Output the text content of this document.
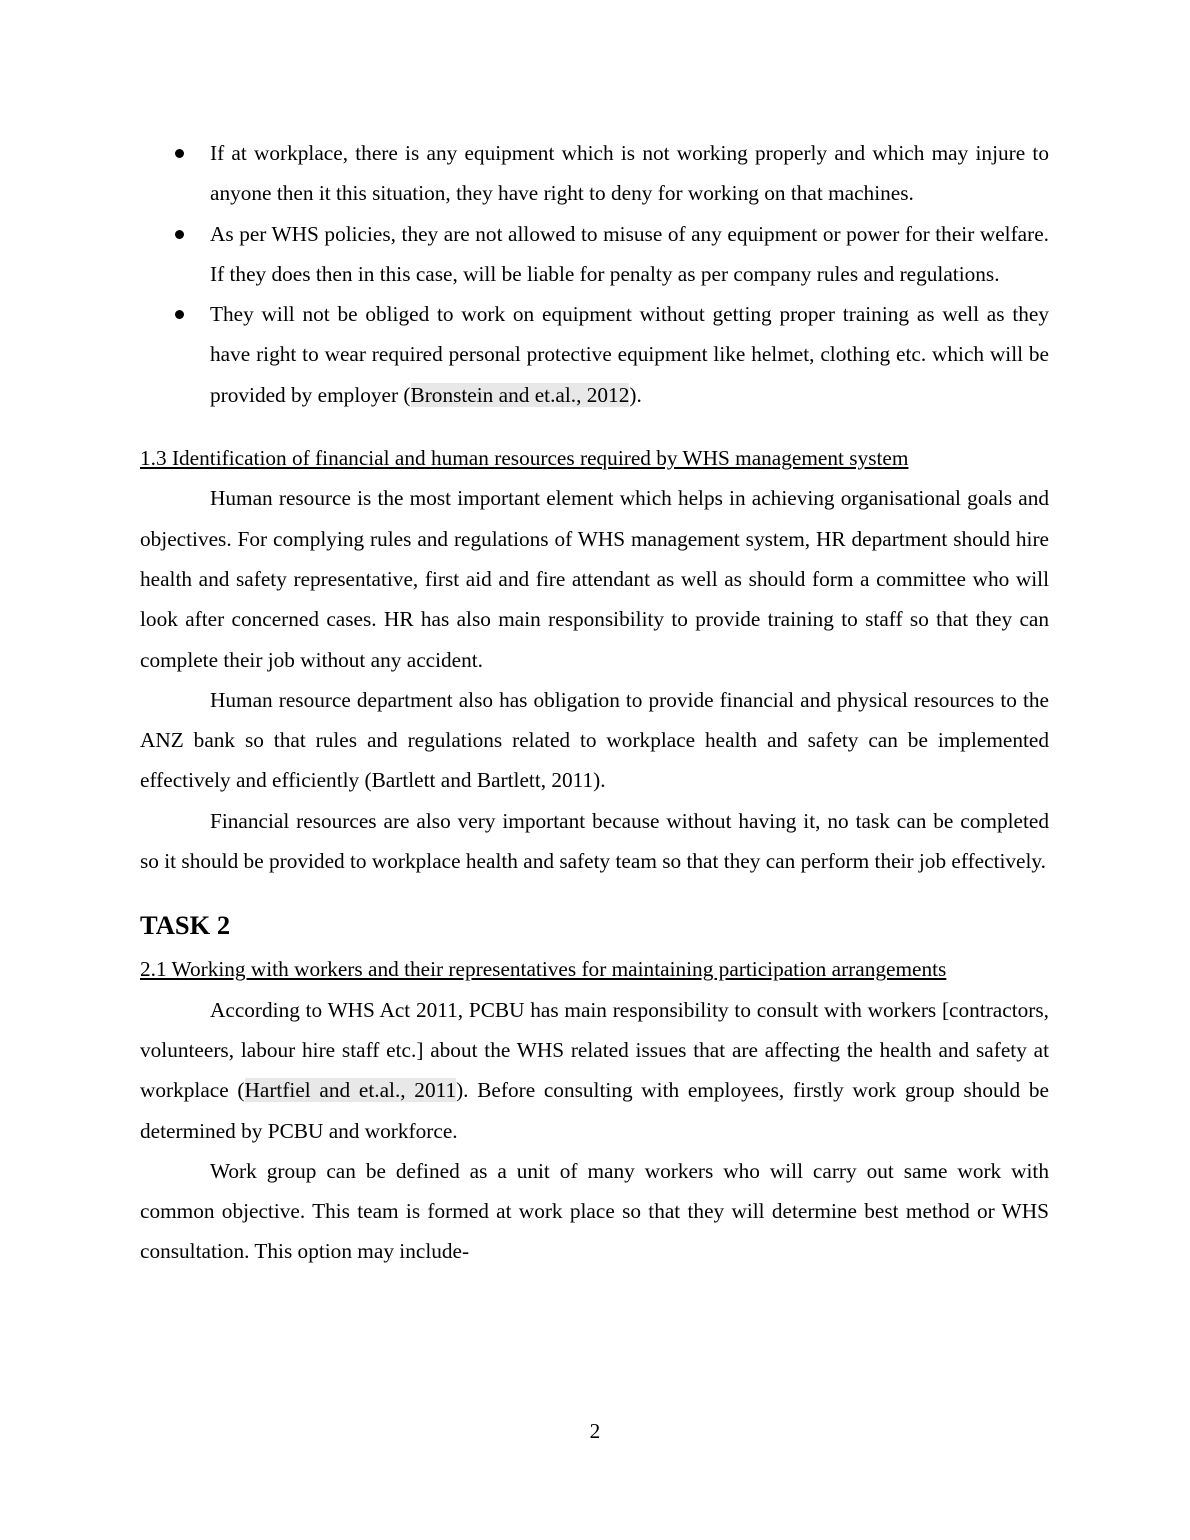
If at workplace, there is any equipment which is not working properly and which may injure to anyone then it this situation, they have right to deny for working on that machines.
As per WHS policies, they are not allowed to misuse of any equipment or power for their welfare. If they does then in this case, will be liable for penalty as per company rules and regulations.
They will not be obliged to work on equipment without getting proper training as well as they have right to wear required personal protective equipment like helmet, clothing etc. which will be provided by employer (Bronstein and et.al., 2012).
1.3 Identification of financial and human resources required by WHS management system

Human resource is the most important element which helps in achieving organisational goals and objectives. For complying rules and regulations of WHS management system, HR department should hire health and safety representative, first aid and fire attendant as well as should form a committee who will look after concerned cases. HR has also main responsibility to provide training to staff so that they can complete their job without any accident.

Human resource department also has obligation to provide financial and physical resources to the ANZ bank so that rules and regulations related to workplace health and safety can be implemented effectively and efficiently (Bartlett and Bartlett, 2011).

Financial resources are also very important because without having it, no task can be completed so it should be provided to workplace health and safety team so that they can perform their job effectively.

TASK 2
2.1 Working with workers and their representatives for maintaining participation arrangements

According to WHS Act 2011, PCBU has main responsibility to consult with workers [contractors, volunteers, labour hire staff etc.] about the WHS related issues that are affecting the health and safety at workplace (Hartfiel and et.al., 2011). Before consulting with employees, firstly work group should be determined by PCBU and workforce.

Work group can be defined as a unit of many workers who will carry out same work with common objective. This team is formed at work place so that they will determine best method or WHS consultation. This option may include-

2
